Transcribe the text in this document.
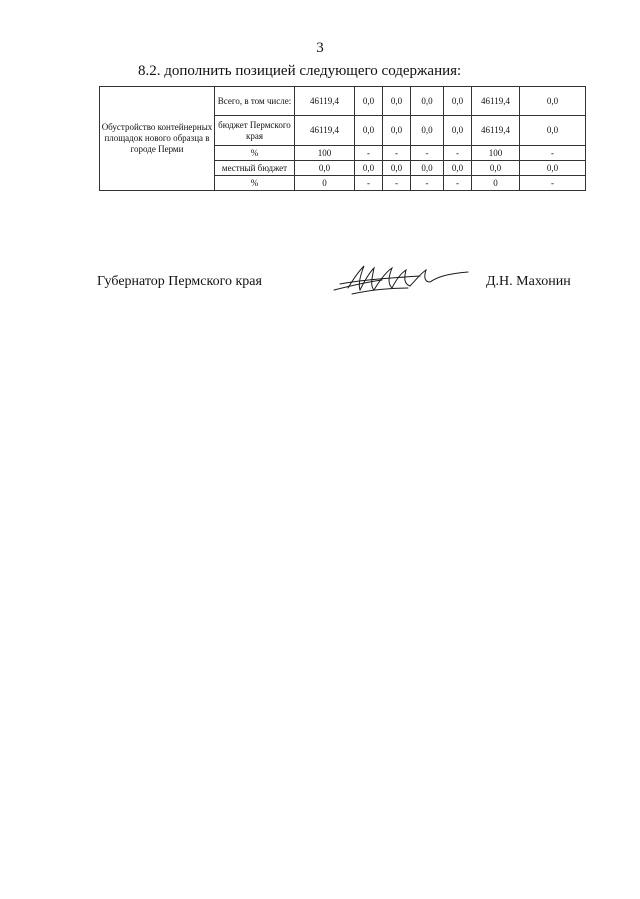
3
8.2. дополнить позицией следующего содержания:
Обустройство контейнерных площадок нового образца в городе Перми	Всего, в том числе:	46119,4	0,0	0,0	0,0	0,0	46119,4	0,0
	бюджет Пермского края	46119,4	0,0	0,0	0,0	0,0	46119,4	0,0
	%	100	-	-	-	-	100	-
	местный бюджет	0,0	0,0	0,0	0,0	0,0	0,0	0,0
	%	0	-	-	-	-	0	-
Губернатор Пермского края	Д.Н. Махонин
